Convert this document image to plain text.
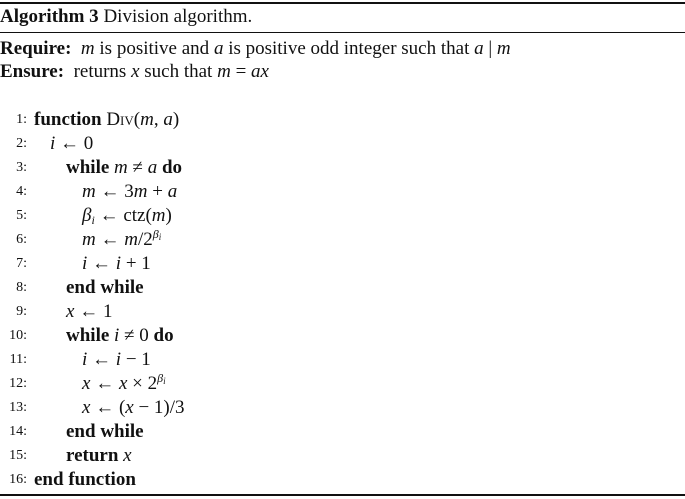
Algorithm 3 Division algorithm.
Require: m is positive and a is positive odd integer such that a | m
Ensure:  returns x such that m = ax
1: function Div(m, a)
2: i ← 0
3: while m ≠ a do
4:	m ← 3m + a
5:	$\beta_i$ ← ctz(m)
6:	m ← $m/2^{\beta_i}$
7:	i ← i + 1
8: end while
9: x ← 1
10: while i ≠ 0 do
11:	i ← i − 1
12:	x ← $x \times 2^{\beta_i}$
13:	x ← (x − 1)/3
14: end while
15: return x
16: end function
